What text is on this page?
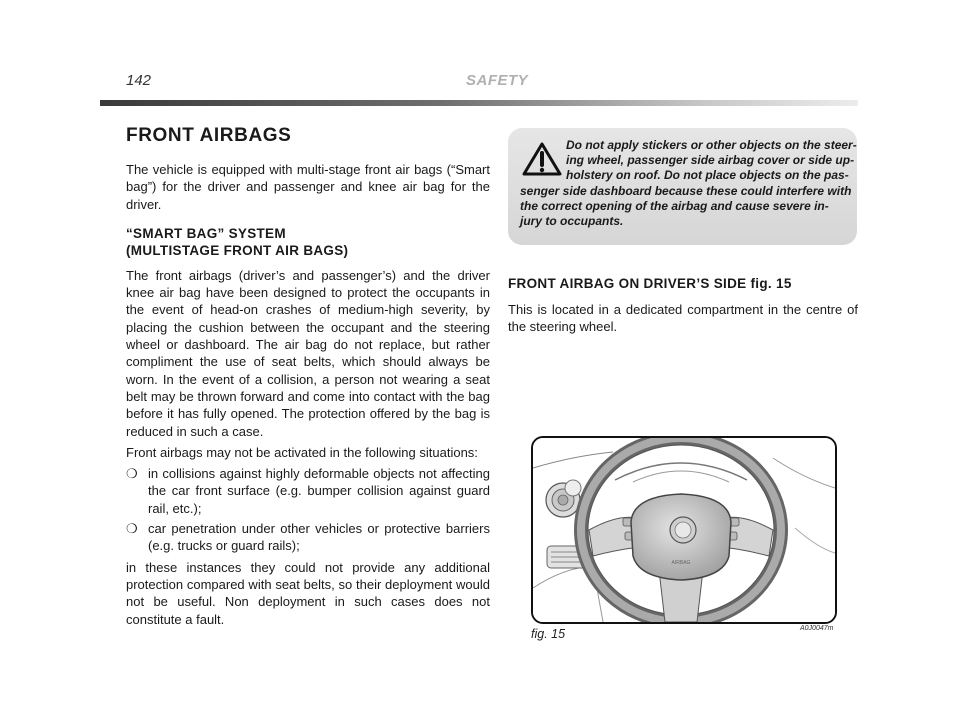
142	SAFETY
FRONT AIRBAGS

The vehicle is equipped with multi-stage front air bags (“Smart bag”) for the driver and passenger and knee air bag for the driver.

“SMART BAG” SYSTEM
(MULTISTAGE FRONT AIR BAGS)

The front airbags (driver’s and passenger’s) and the driver knee air bag have been designed to protect the occupants in the event of head-on crashes of medium-high severity, by placing the cushion between the occupant and the steering wheel or dashboard. The air bag do not replace, but rather compliment the use of seat belts, which should always be worn. In the event of a collision, a person not wearing a seat belt may be thrown forward and come into contact with the bag before it has fully opened. The protection offered by the bag is reduced in such a case.

Front airbags may not be activated in the following situations:

❍ in collisions against highly deformable objects not affecting the car front surface (e.g. bumper collision against guard rail, etc.);
❍ car penetration under other vehicles or protective barriers (e.g. trucks or guard rails);

in these instances they could not provide any additional protection compared with seat belts, so their deployment would not be useful. Non deployment in such cases does not constitute a fault.

Do not apply stickers or other objects on the steer-
ing wheel, passenger side airbag cover or side up-
holstery on roof. Do not place objects on the pas-
senger side dashboard because these could interfere with
the correct opening of the airbag and cause severe in-
jury to occupants.
FRONT AIRBAG ON DRIVER’S SIDE fig. 15

This is located in a dedicated compartment in the centre of the steering wheel.

AIRBAG
fig. 15	A0J0047m
